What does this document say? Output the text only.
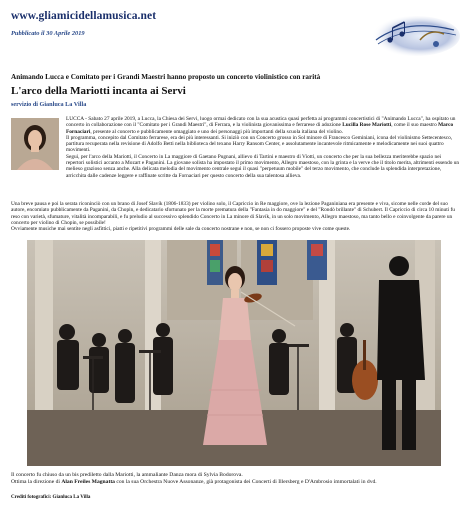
www.gliamicidellamusica.net
Pubblicato il 30 Aprile 2019
Animando Lucca e Comitato per i Grandi Maestri hanno proposto un concerto violinistico con rarità
L'arco della Mariotti incanta ai Servi
servizio di Gianluca La Villa

LUCCA - Sabato 27 aprile 2019, a Lucca, la Chiesa dei Servi, luogo ormai dedicato con la sua acustica quasi perfetta ai programmi concertistici di "Animando Lucca", ha ospitato un concerto in collaborazione con il "Comitato per i Grandi Maestri", di Ferrara, e la violinista giovanissima e ferrarese di adozione Lucilla Rose Mariotti, come il suo maestro Marco Fornaciari, presente al concerto e pubblicamente omaggiato e uno dei personaggi più importanti della scuola italiana del violino.

Il programma, concepito dal Comitato ferrarese, era dei più interessanti. Si iniziò con un Concerto grosso in Sol minore di Francesco Geminiani, icona del violinismo Settecentesco, partitura recuperata nella revisione di Adolfo Betti nella biblioteca del texano Harry Ransom Center, e assolutamente incantevole ritmicamente e melodicamente nei suoi quattro movimenti.

Seguì, per l'arco della Mariotti, il Concerto in La maggiore di Gaetano Pugnani, allievo di Tartini e maestro di Viotti, un concerto che per la sua bellezza meriterebbe spazio nei repertori solistici accanto a Mozart e Paganini. La giovane solista ha impostato il primo movimento, Allegro maestoso, con la grinta e la verve che il titolo merita, altrimenti essendo un melieso grazioso senza anche. Alla delicata melodia del movimento centrale seguì il quasi "perpetuum mobile" del terzo movimento, che conclude la splendida interpretazione, arricchita dalle cadenze leggere e raffinate scritte da Fornaciari per questo concerto della sua talentosa allieva.

Una breve pausa e poi la serata riconinciò con un brano di Josef Slavík (1806-1833) per violino solo, il Capriccio in Re maggiore, ove la lezione Paganiniana era presente e viva, sicome nelle corde del suo autore, encomiato pubblicamente da Paganini, da Chopin, e dedicatario sfortunato per la morte prematura della "Fantasia in do maggiore" e del "Rondò brillante" di Schubert. Il Capriccio di circa 10 minuti fu reso con varietà, sfumature, vitalità incomparabili, e fu preludio al successivo splendido Concerto in La minore di Slavík, in un solo movimento, Allegro maestoso, ma tanto bello e coinvolgente da parere un concerto per violino di Chopin, se possibile!

Ovviamente musiche mai sentite negli asfittici, piatti e ripetitivi programmi delle sale da concerto nostrane e non, se non ci fossero proposte vive come queste.

Il concerto fu chiuso da un bis prediletto dalla Mariotti, la ammaliante Danza mora di Sylvia Bodorova.

Ottima la direzione di Alan Freiles Magnatta con la sua Orchestra Nuove Assonanze, già protagonista dei Concerti di Illersberg e D'Ambrosio immortalati in dvd.

Crediti fotografici: Gianluca La Villa
